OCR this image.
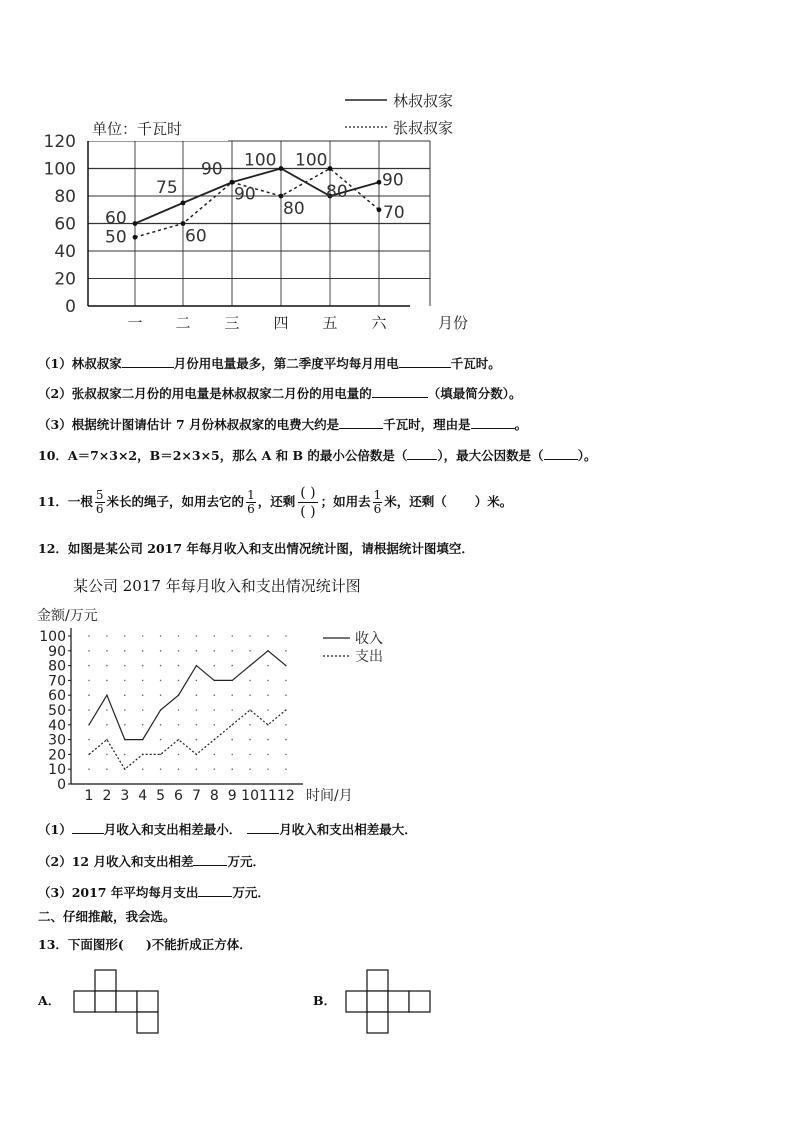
0
20
40
60
80
100
120
一 二 三 四 五 六
60
75
90 100
80
90
50	60
90
80
100
70
单位：千瓦时
月份
林叔叔家
张叔叔家
（1）林叔叔家	月份用电量最多，第二季度平均每月用电	千瓦时。
（2）张叔叔家二月份的用电量是林叔叔家二月份的用电量的	（填最简分数）。
（3）根据统计图请估计 7 月份林叔叔家的电费大约是	千瓦时，理由是	。
10．A＝7×3×2，B＝2×3×5，那么 A 和 B 的最小公倍数是（ ），最大公因数是（	）。
11．一根 $\frac{5}{6}$ 米长的绳子，如用去它的 $\frac{1}{6}$ ，还剩
( )
( )
；如用去 $\frac{1}{6}$ 米，还剩（ ）米。
12．如图是某公司 2017 年每月收入和支出情况统计图，请根据统计图填空．
某公司 2017 年每月收入和支出情况统计图
金额/万元
0
10
20
30
40
50
60
70
80
90
100
1 2 3 4 5 6 7 8 9 10 11 12 时间/月
收入
支出
（1）	月收入和支出相差最小．	月收入和支出相差最大．
（2）12 月收入和支出相差	万元．
（3）2017 年平均每月支出	万元．
二、仔细推敲，我会选。
13．下面图形( )不能折成正方体．
A．	B．
